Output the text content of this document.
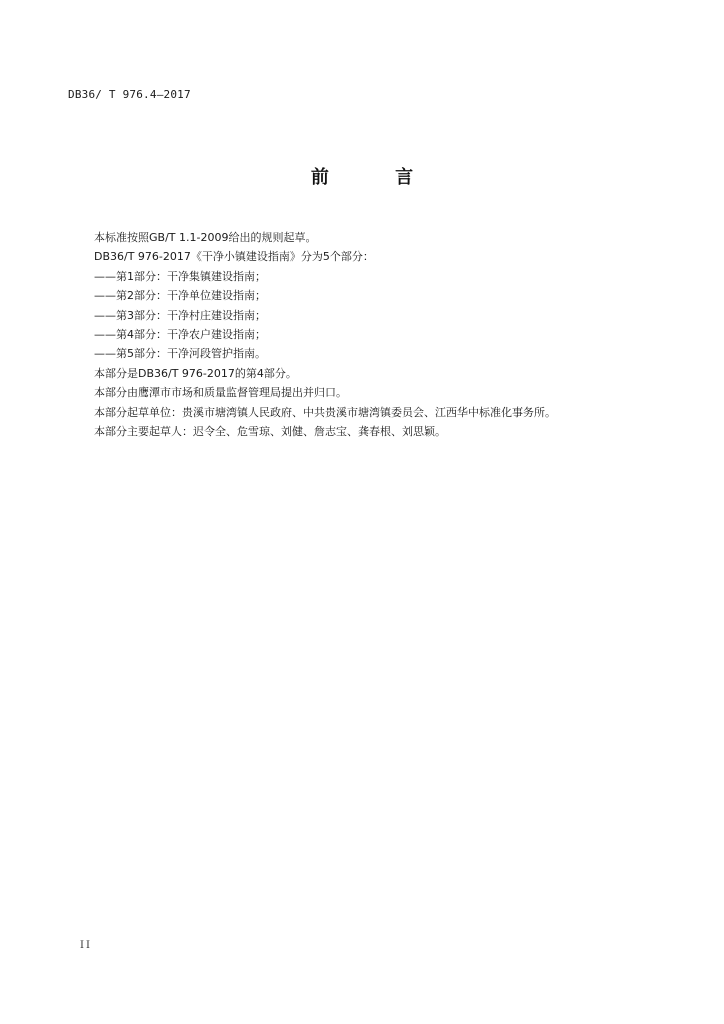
DB36/ T 976.4—2017
前 言
本标准按照GB/T 1.1-2009给出的规则起草。
DB36/T 976-2017《干净小镇建设指南》分为5个部分：
——第1部分：干净集镇建设指南；
——第2部分：干净单位建设指南；
——第3部分：干净村庄建设指南；
——第4部分：干净农户建设指南；
——第5部分：干净河段管护指南。
本部分是DB36/T 976-2017的第4部分。
本部分由鹰潭市市场和质量监督管理局提出并归口。
本部分起草单位：贵溪市塘湾镇人民政府、中共贵溪市塘湾镇委员会、江西华中标准化事务所。
本部分主要起草人：迟令全、危雪琼、刘健、詹志宝、龚春根、刘思颖。
II
